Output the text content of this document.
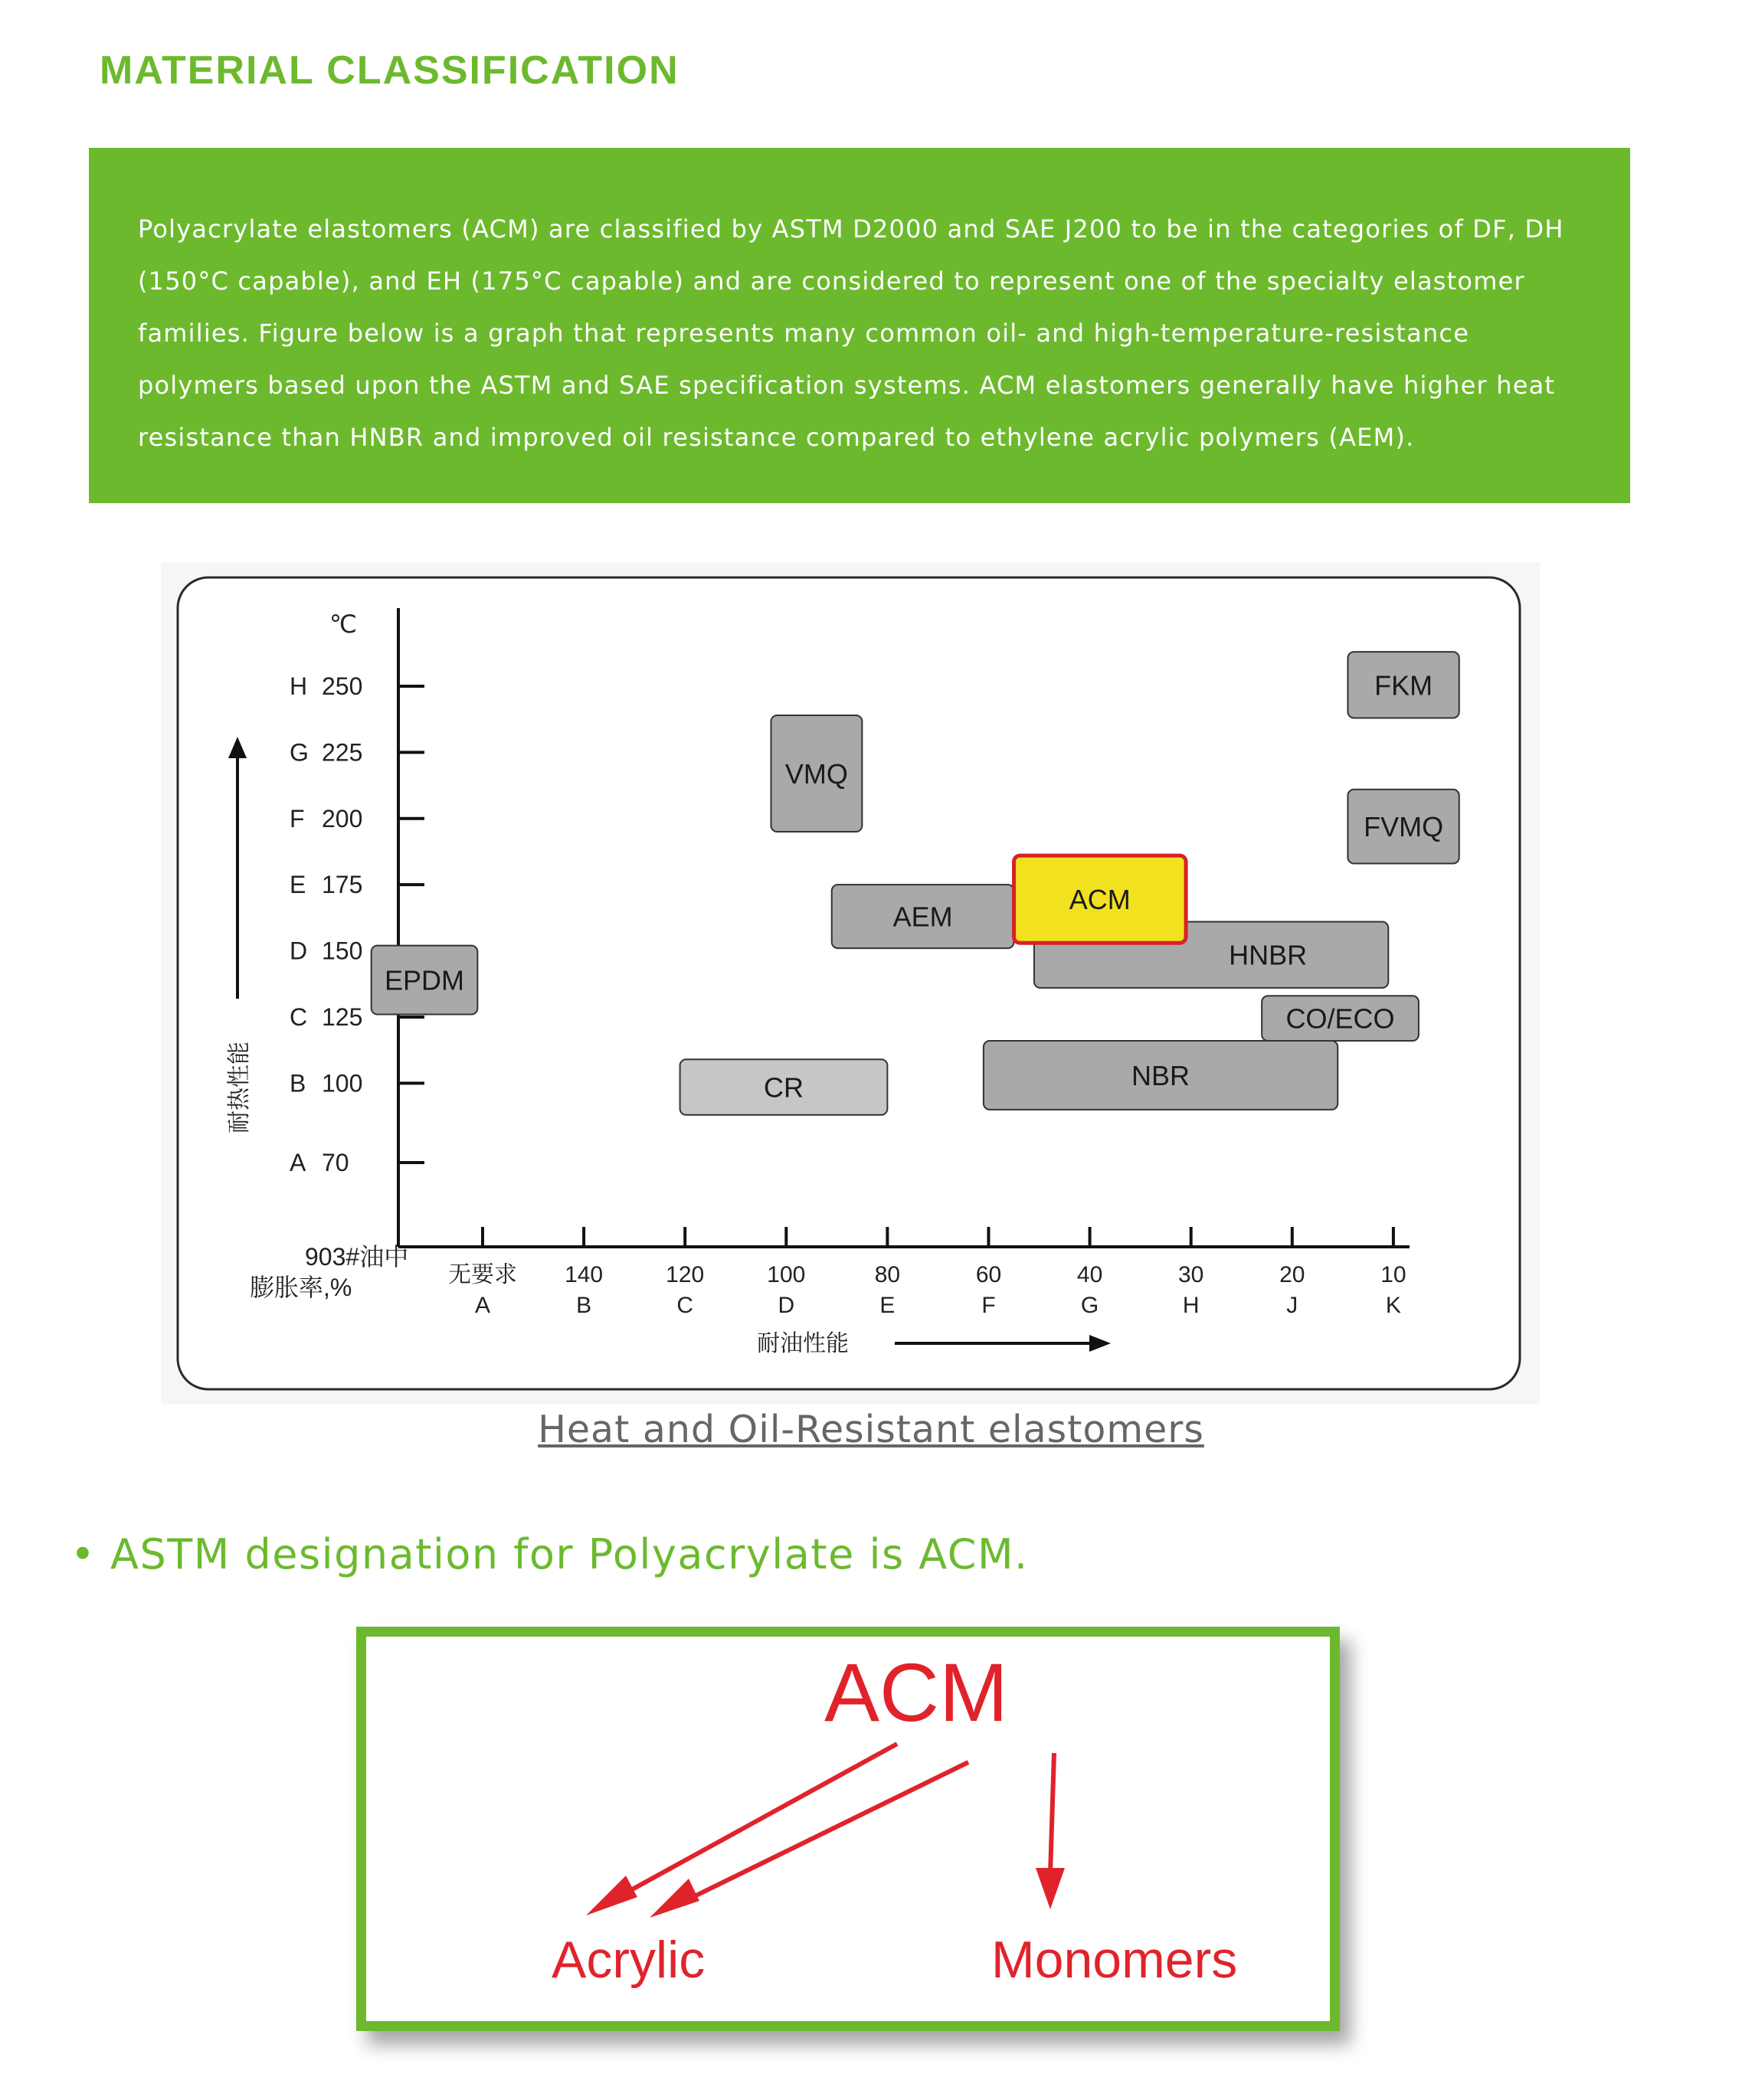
MATERIAL CLASSIFICATION

Polyacrylate elastomers (ACM) are classified by ASTM D2000 and SAE J200 to be in the categories of DF, DH (150°C capable), and EH (175°C capable) and are considered to represent one of the specialty elastomer families. Figure below is a graph that represents many common oil- and high-temperature-resistance polymers based upon the ASTM and SAE specification systems. ACM elastomers generally have higher heat resistance than HNBR and improved oil resistance compared to ethylene acrylic polymers (AEM).

℃
A 70
B 100
C 125
D 150
E 175
F 200
G 225
H 250
耐热性能
无要求
A
140
B
120
C
100
D
80
E
60
F
40
G
30
H
20
J
10
K
903#油中
膨胀率,%
耐油性能
FKM
VMQ
FVMQ
AEM
HNBR
CO/ECO
EPDM
NBR
CR
ACM
Heat and Oil-Resistant elastomers
• ASTM designation for Polyacrylate is ACM.
ACM
Acrylic	Monomers
